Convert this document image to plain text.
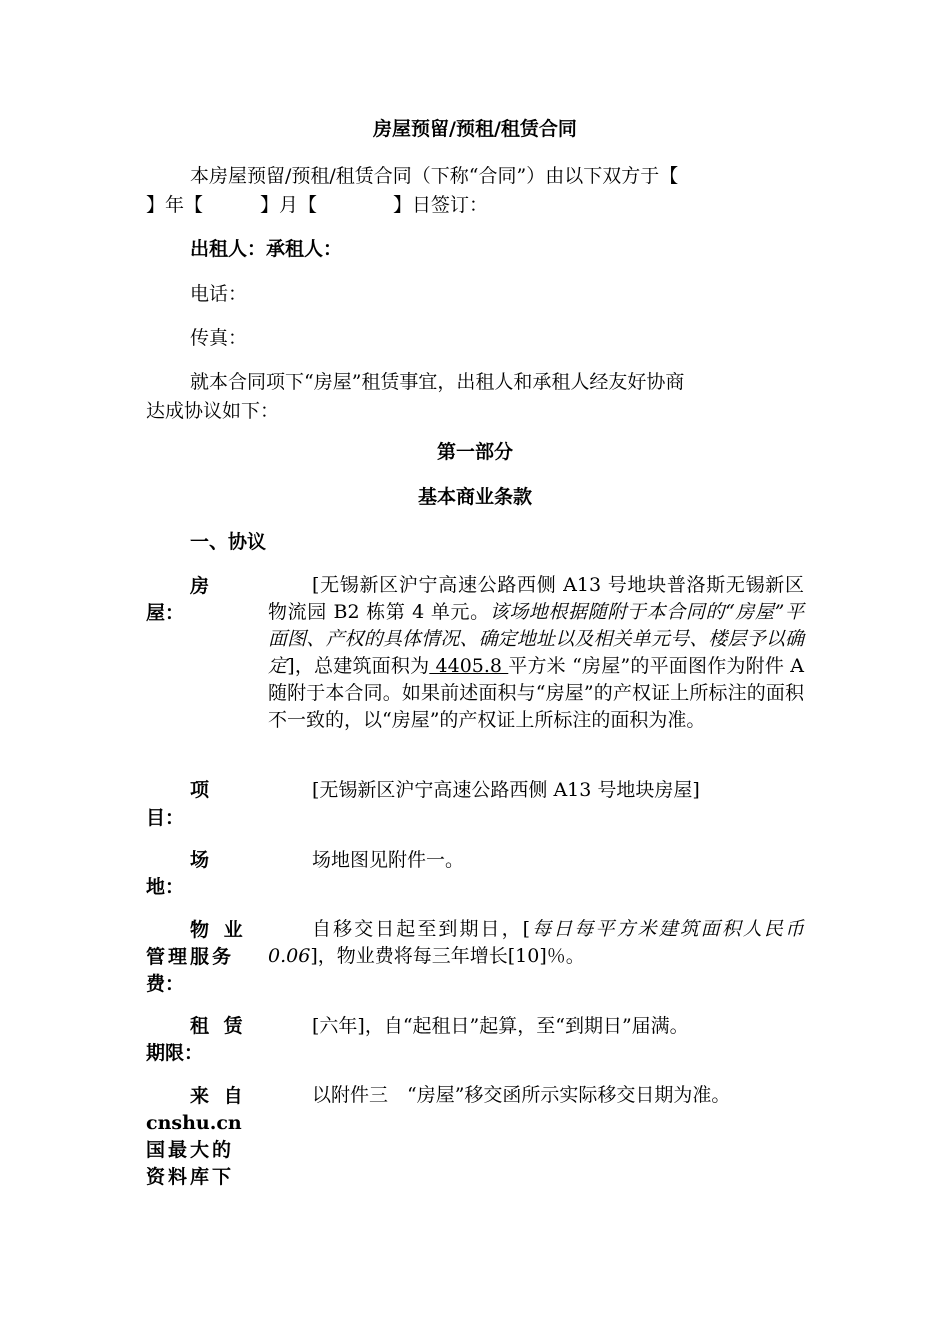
房屋预留/预租/租赁合同
本房屋预留/预租/租赁合同（下称“合同”）由以下双方于【
】年【　　　】月【　　　　】日签订：
出租人：承租人：
电话：
传真：
就本合同项下“房屋”租赁事宜，出租人和承租人经友好协商
达成协议如下：
第一部分
基本商业条款
一、协议
房
屋：
[无锡新区沪宁高速公路西侧 A13 号地块普洛斯无锡新区物流园 B2 栋第 4 单元。该场地根据随附于本合同的“房屋”平面图、产权的具体情况、确定地址以及相关单元号、楼层予以确定]，总建筑面积为 4405.8 平方米 “房屋”的平面图作为附件 A 随附于本合同。如果前述面积与“房屋”的产权证上所标注的面积不一致的，以“房屋”的产权证上所标注的面积为准。
项
目：
[无锡新区沪宁高速公路西侧 A13 号地块房屋]
场
地：
场地图见附件一。
物 业
管理服务
费：
自移交日起至到期日，[每日每平方米建筑面积人民币 0.06]，物业费将每三年增长[10]％。
租 赁
期限：
[六年]，自“起租日”起算，至“到期日”届满。
来 自
cnshu.cn
国最大的
资料库下
以附件三　“房屋”移交函所示实际移交日期为准。
